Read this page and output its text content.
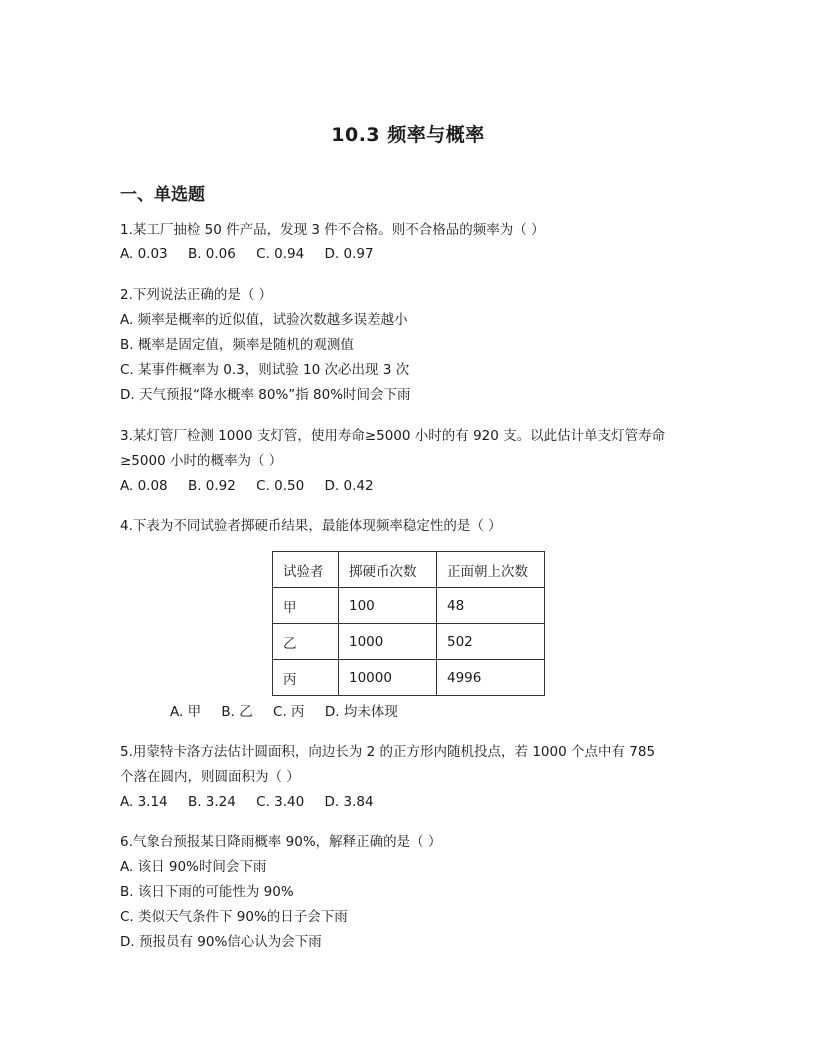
10.3 频率与概率
一、单选题
1.某工厂抽检 50 件产品，发现 3 件不合格。则不合格品的频率为（ ）
A. 0.03 B. 0.06 C. 0.94 D. 0.97
2.下列说法正确的是（ ）
A. 频率是概率的近似值，试验次数越多误差越小
B. 概率是固定值，频率是随机的观测值
C. 某事件概率为 0.3，则试验 10 次必出现 3 次
D. 天气预报“降水概率 80%”指 80%时间会下雨
3.某灯管厂检测 1000 支灯管，使用寿命≥5000 小时的有 920 支。以此估计单支灯管寿命
≥5000 小时的概率为（ ）
A. 0.08 B. 0.92 C. 0.50 D. 0.42
4.下表为不同试验者掷硬币结果，最能体现频率稳定性的是（ ）
试验者	掷硬币次数	正面朝上次数
甲	100	48
乙	1000	502
丙	10000	4996
A. 甲 B. 乙 C. 丙 D. 均未体现
5.用蒙特卡洛方法估计圆面积，向边长为 2 的正方形内随机投点，若 1000 个点中有 785
个落在圆内，则圆面积为（ ）
A. 3.14 B. 3.24 C. 3.40 D. 3.84
6.气象台预报某日降雨概率 90%，解释正确的是（ ）
A. 该日 90%时间会下雨
B. 该日下雨的可能性为 90%
C. 类似天气条件下 90%的日子会下雨
D. 预报员有 90%信心认为会下雨
